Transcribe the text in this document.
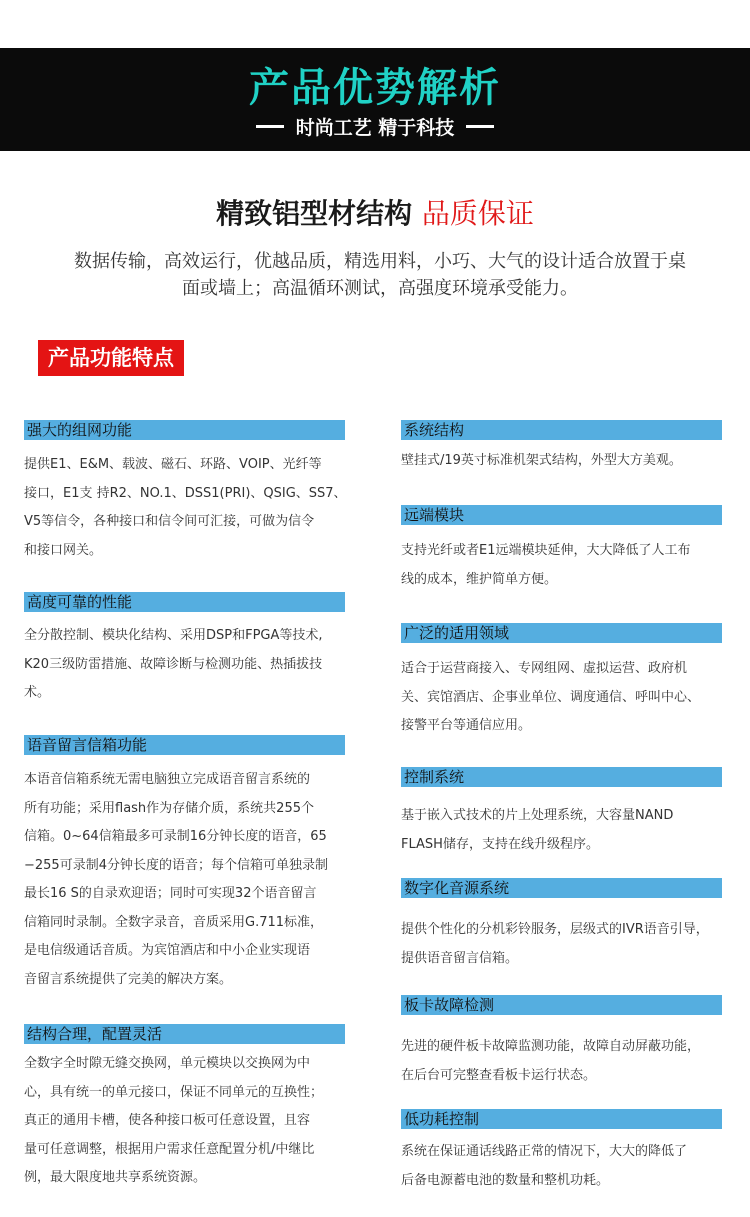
产品优势解析
时尚工艺 精于科技
精致铝型材结构 品质保证
数据传输，高效运行，优越品质，精选用料，小巧、大气的设计适合放置于桌
面或墙上；高温循环测试，高强度环境承受能力。
产品功能特点
强大的组网功能
提供E1、E&M、载波、磁石、环路、VOIP、光纤等
接口，E1支 持R2、NO.1、DSS1(PRI)、QSIG、SS7、
V5等信令，各种接口和信令间可汇接，可做为信令
和接口网关。
高度可靠的性能
全分散控制、模块化结构、采用DSP和FPGA等技术,
K20三级防雷措施、故障诊断与检测功能、热插拔技
术。
语音留言信箱功能
本语音信箱系统无需电脑独立完成语音留言系统的
所有功能；采用flash作为存储介质，系统共255个
信箱。0~64信箱最多可录制16分钟长度的语音，65
−255可录制4分钟长度的语音；每个信箱可单独录制
最长16 S的自录欢迎语；同时可实现32个语音留言
信箱同时录制。全数字录音，音质采用G.711标准，
是电信级通话音质。为宾馆酒店和中小企业实现语
音留言系统提供了完美的解决方案。
结构合理，配置灵活
全数字全时隙无缝交换网，单元模块以交换网为中
心，具有统一的单元接口，保证不同单元的互换性；
真正的通用卡槽，使各种接口板可任意设置，且容
量可任意调整，根据用户需求任意配置分机/中继比
例，最大限度地共享系统资源。
系统结构
壁挂式/19英寸标准机架式结构，外型大方美观。
远端模块
支持光纤或者E1远端模块延伸，大大降低了人工布
线的成本，维护简单方便。
广泛的适用领域
适合于运营商接入、专网组网、虚拟运营、政府机
关、宾馆酒店、企事业单位、调度通信、呼叫中心、
接警平台等通信应用。
控制系统
基于嵌入式技术的片上处理系统，大容量NAND
FLASH储存，支持在线升级程序。
数字化音源系统
提供个性化的分机彩铃服务，层级式的IVR语音引导，
提供语音留言信箱。
板卡故障检测
先进的硬件板卡故障监测功能，故障自动屏蔽功能，
在后台可完整查看板卡运行状态。
低功耗控制
系统在保证通话线路正常的情况下，大大的降低了
后备电源蓄电池的数量和整机功耗。
